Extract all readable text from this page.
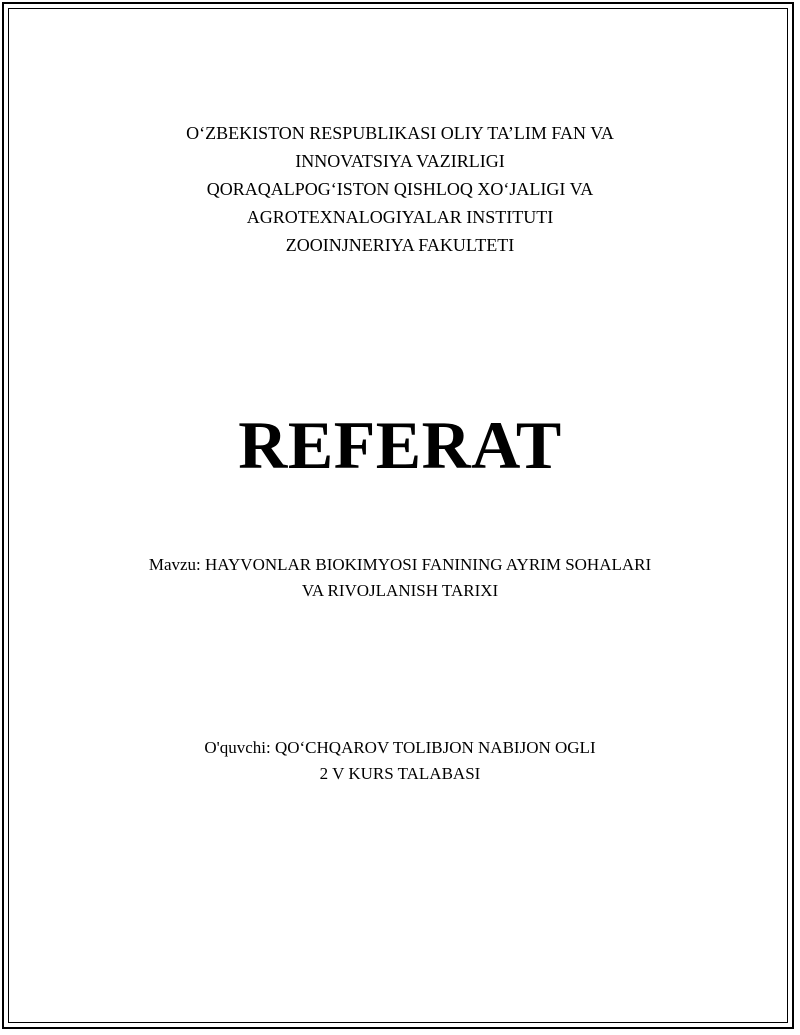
O‘ZBEKISTON RESPUBLIKASI OLIY TA’LIM FAN VA
INNOVATSIYA VAZIRLIGI
QORAQALPOG‘ISTON QISHLOQ XO‘JALIGI VA
AGROTEXNALOGIYALAR INSTITUTI
ZOOINJNERIYA FAKULTETI
REFERAT
Mavzu: HAYVONLAR BIOKIMYOSI FANINING AYRIM SOHALARI
VA RIVOJLANISH TARIXI
O'quvchi: QO‘CHQAROV TOLIBJON NABIJON OGLI
2 V KURS TALABASI
